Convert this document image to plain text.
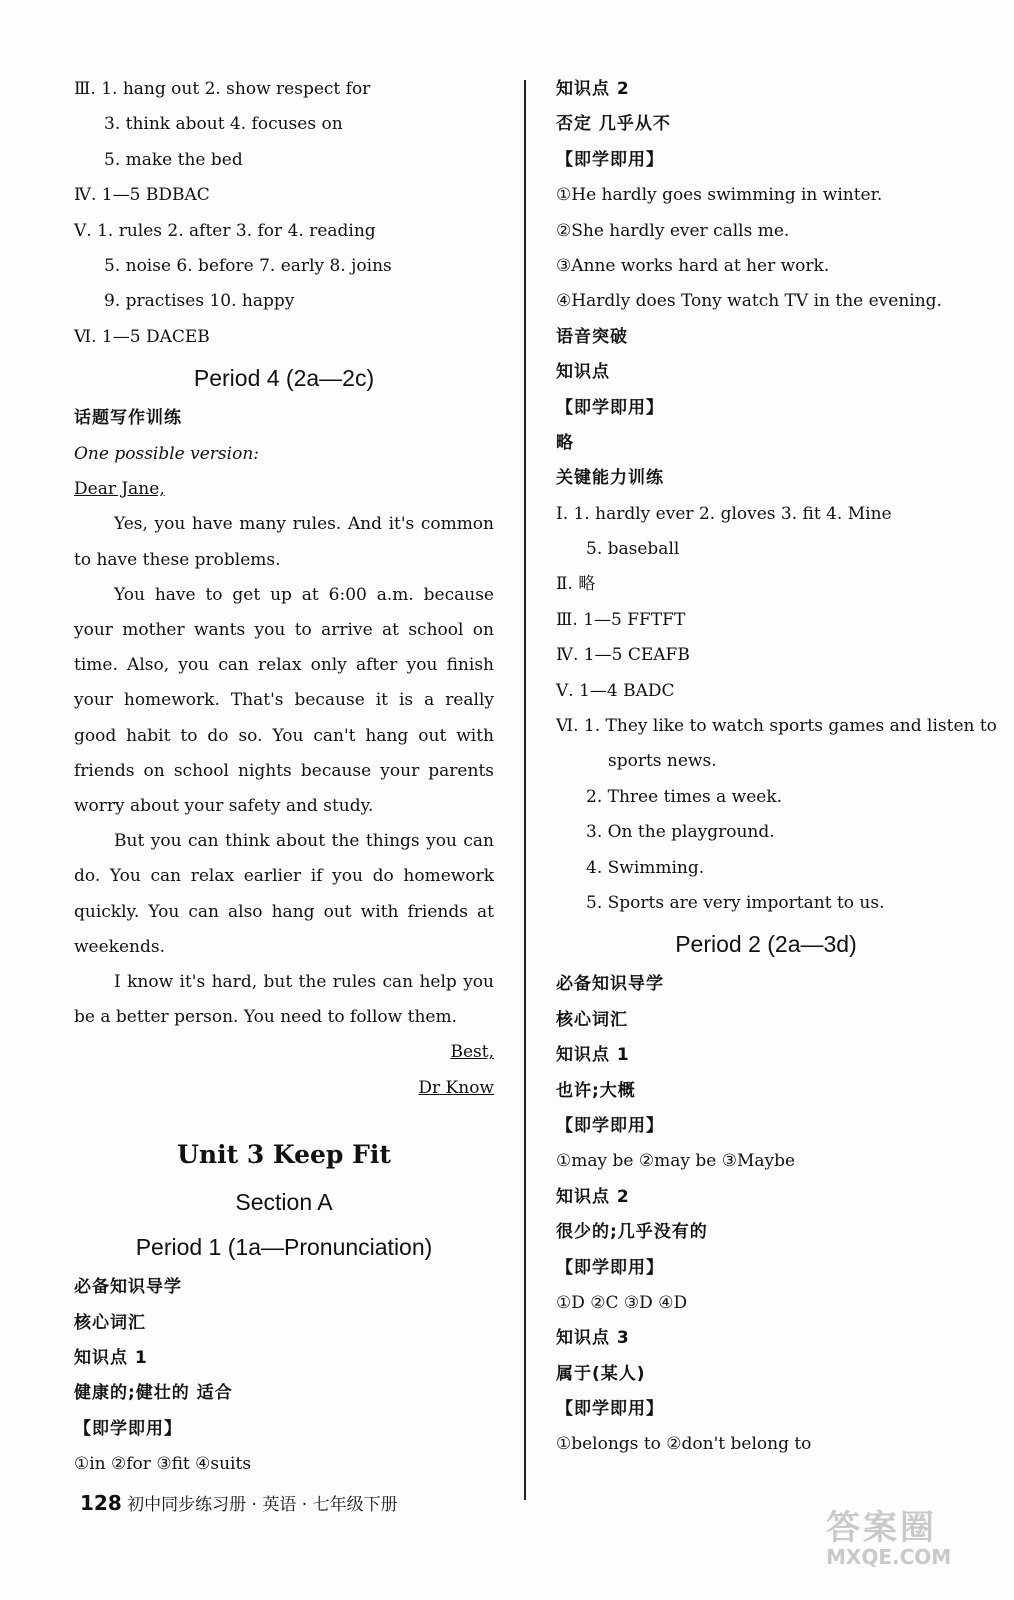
Ⅲ. 1. hang out 2. show respect for
3. think about 4. focuses on
5. make the bed
Ⅳ. 1—5 BDBAC
Ⅴ. 1. rules 2. after 3. for 4. reading
5. noise 6. before 7. early 8. joins
9. practises 10. happy
Ⅵ. 1—5 DACEB
Period 4 (2a—2c)
话题写作训练
One possible version:
Dear Jane,
Yes, you have many rules. And it's common to have these problems.
You have to get up at 6:00 a.m. because your mother wants you to arrive at school on time. Also, you can relax only after you finish your homework. That's because it is a really good habit to do so. You can't hang out with friends on school nights because your parents worry about your safety and study.
But you can think about the things you can do. You can relax earlier if you do homework quickly. You can also hang out with friends at weekends.
I know it's hard, but the rules can help you be a better person. You need to follow them.
Best,
Dr Know
Unit 3 Keep Fit
Section A
Period 1 (1a—Pronunciation)
必备知识导学
核心词汇
知识点 1
健康的;健壮的 适合
【即学即用】
①in ②for ③fit ④suits
知识点 2
否定 几乎从不
【即学即用】
①He hardly goes swimming in winter.
②She hardly ever calls me.
③Anne works hard at her work.
④Hardly does Tony watch TV in the evening.
语音突破
知识点
【即学即用】
略
关键能力训练
Ⅰ. 1. hardly ever 2. gloves 3. fit 4. Mine
5. baseball
Ⅱ. 略
Ⅲ. 1—5 FFTFT
Ⅳ. 1—5 CEAFB
Ⅴ. 1—4 BADC
Ⅵ. 1. They like to watch sports games and listen to
sports news.
2. Three times a week.
3. On the playground.
4. Swimming.
5. Sports are very important to us.
Period 2 (2a—3d)
必备知识导学
核心词汇
知识点 1
也许;大概
【即学即用】
①may be ②may be ③Maybe
知识点 2
很少的;几乎没有的
【即学即用】
①D ②C ③D ④D
知识点 3
属于(某人)
【即学即用】
①belongs to ②don't belong to
128 初中同步练习册 · 英语 · 七年级下册
答案圈
MXQE.COM
